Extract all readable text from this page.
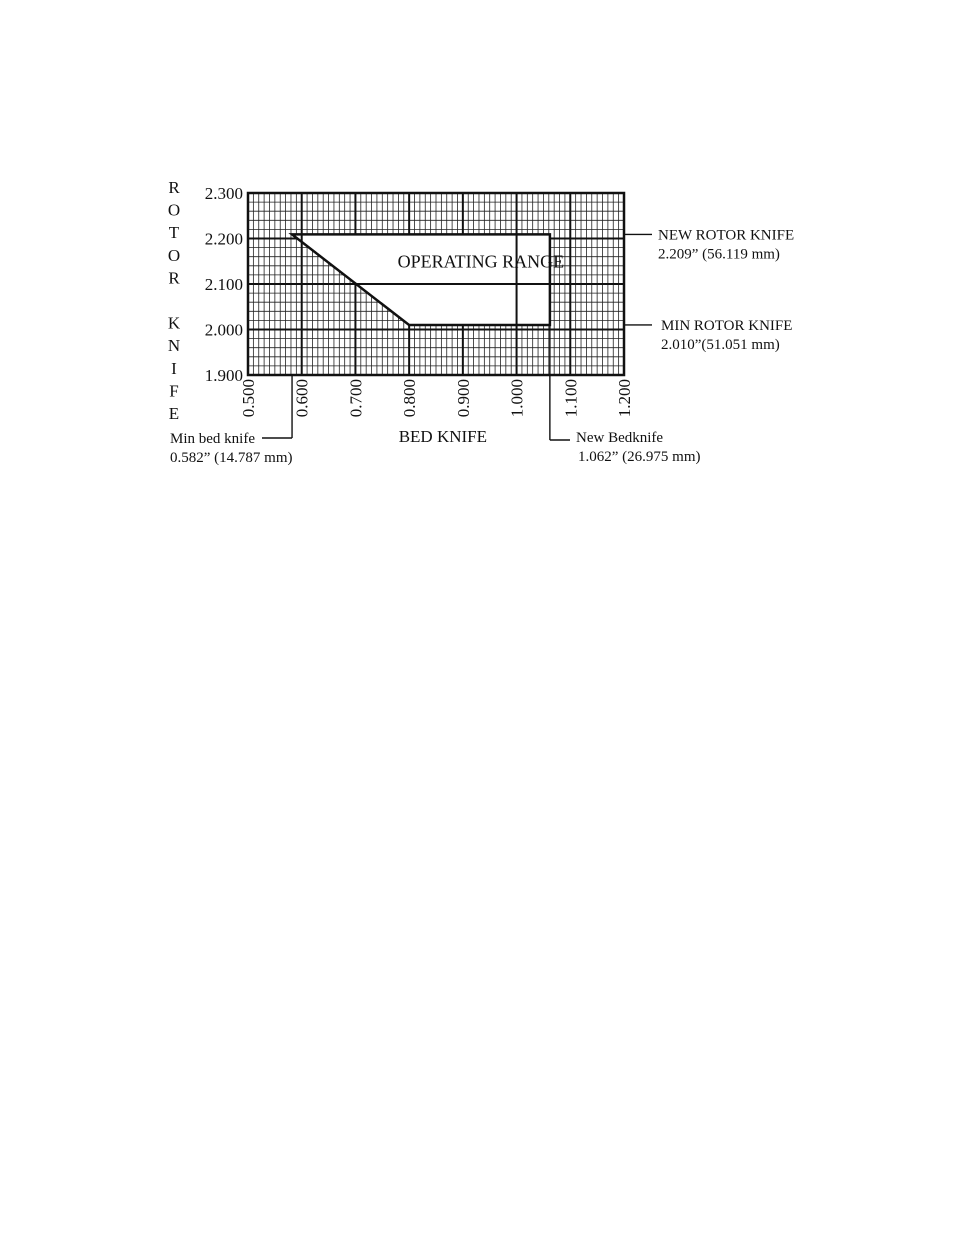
OPERATING RANGE
2.300
2.200
2.100
2.000
1.900
0.500 0.600 0.700 0.800 0.900 1.000 1.100 1.200
R
O
T
O
R
K
N
I
F
E
BED KNIFE
NEW ROTOR KNIFE
2.209” (56.119 mm)
MIN ROTOR KNIFE
2.010”(51.051 mm)
Min bed knife
0.582” (14.787 mm)
New Bedknife
1.062” (26.975 mm)
